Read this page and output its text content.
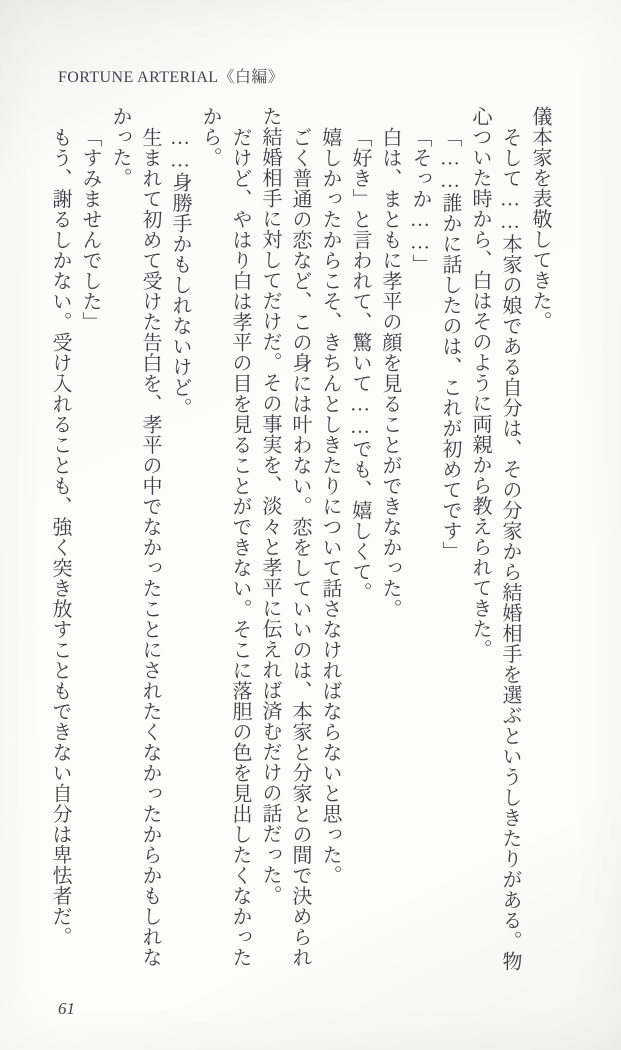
FORTUNE ARTERIAL《白編》

儀本家を表敬してきた。

そして……本家の娘である自分は、その分家から結婚相手を選ぶというしきたりがある。物

心ついた時から、白はそのように両親から教えられてきた。

「……誰かに話したのは、これが初めてです」

「そっか……」

白は、まともに孝平の顔を見ることができなかった。

「好き」と言われて、驚いて……でも、嬉しくて。

嬉しかったからこそ、きちんとしきたりについて話さなければならないと思った。

ごく普通の恋など、この身には叶わない。恋をしていいのは、本家と分家との間で決められ

た結婚相手に対してだけだ。その事実を、淡々と孝平に伝えれば済むだけの話だった。

だけど、やはり白は孝平の目を見ることができない。そこに落胆の色を見出したくなかった

から。

……身勝手かもしれないけど。

生まれて初めて受けた告白を、孝平の中でなかったことにされたくなかったからかもしれな

かった。

「すみませんでした」

もう、謝るしかない。受け入れることも、強く突き放すこともできない自分は卑怯者だ。

61
